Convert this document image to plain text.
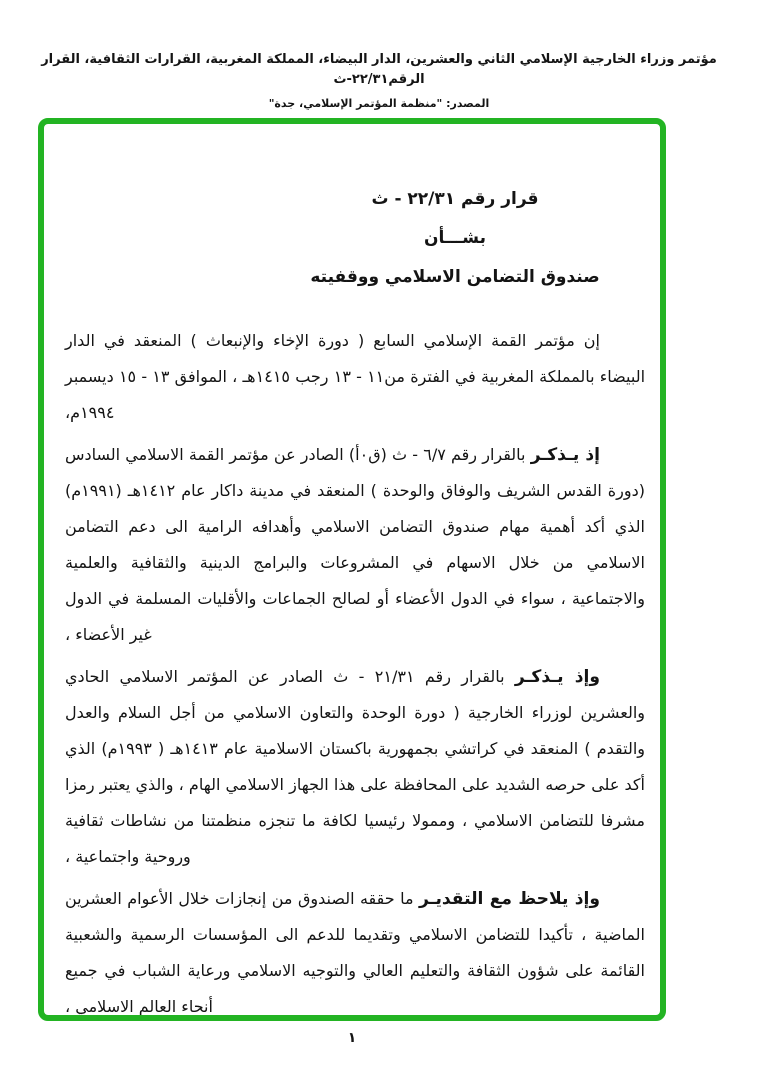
مؤتمر وزراء الخارجية الإسلامي الثاني والعشرين، الدار البيضاء، المملكة المغربية، القرارات الثقافية، القرار الرقم٢٢/٣١-ث
المصدر: "منظمة المؤتمر الإسلامي، جدة"
قرار رقم ٢٢/٣١ - ث
بشـــأن
صندوق التضامن الاسلامي ووقفيته

إن مؤتمر القمة الإسلامي السابع ( دورة الإخاء والإنبعاث ) المنعقد في الدار البيضاء بالمملكة المغربية في الفترة من١١ - ١٣ رجب ١٤١٥هـ ، الموافق ١٣ - ١٥ ديسمبر ١٩٩٤م،

إذ يـذكـر بالقرار رقم ٦/٧ - ث (ق٠أ) الصادر عن مؤتمر القمة الاسلامي السادس (دورة القدس الشريف والوفاق والوحدة ) المنعقد في مدينة داكار عام ١٤١٢هـ (١٩٩١م) الذي أكد أهمية مهام صندوق التضامن الاسلامي وأهدافه الرامية الى دعم التضامن الاسلامي من خلال الاسهام في المشروعات والبرامج الدينية والثقافية والعلمية والاجتماعية ، سواء في الدول الأعضاء أو لصالح الجماعات والأقليات المسلمة في الدول غير الأعضاء ،

وإذ يـذكـر بالقرار رقم ٢١/٣١ - ث الصادر عن المؤتمر الاسلامي الحادي والعشرين لوزراء الخارجية ( دورة الوحدة والتعاون الاسلامي من أجل السلام والعدل والتقدم ) المنعقد في كراتشي بجمهورية باكستان الاسلامية عام ١٤١٣هـ ( ١٩٩٣م) الذي أكد على حرصه الشديد على المحافظة على هذا الجهاز الاسلامي الهام ، والذي يعتبر رمزا مشرفا للتضامن الاسلامي ، وممولا رئيسيا لكافة ما تنجزه منظمتنا من نشاطات ثقافية وروحية واجتماعية ،

وإذ يلاحظ مع التقديـر ما حققه الصندوق من إنجازات خلال الأعوام العشرين الماضية ، تأكيدا للتضامن الاسلامي وتقديما للدعم الى المؤسسات الرسمية والشعبية القائمة على شؤون الثقافة والتعليم العالي والتوجيه الاسلامي ورعاية الشباب في جميع أنحاء العالم الاسلامي ،

١
